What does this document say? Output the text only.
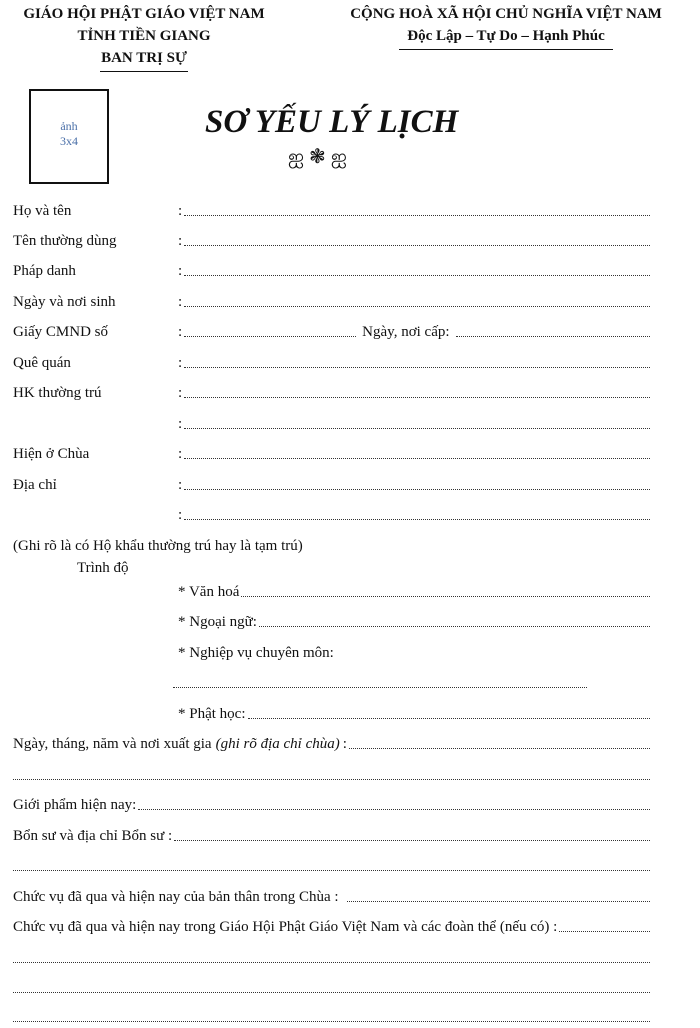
GIÁO HỘI PHẬT GIÁO VIỆT NAM
TỈNH TIỀN GIANG
BAN TRỊ SỰ
CỘNG HOÀ XÃ HỘI CHỦ NGHĨA VIỆT NAM
Độc Lập – Tự Do – Hạnh Phúc
ảnh
3x4
SƠ YẾU LÝ LỊCH
ஐ ❃ ஐ
Họ và tên	:
Tên thường dùng	:
Pháp danh	:
Ngày và nơi sinh	:
Giấy CMND số	:	Ngày, nơi cấp:
Quê quán	:
HK thường trú	:
:
Hiện ở Chùa	:
Địa chỉ	:
:
(Ghi rõ là có Hộ khẩu thường trú hay là tạm trú)
Trình độ
* Văn hoá
* Ngoại ngữ:
* Nghiệp vụ chuyên môn:
* Phật học:
Ngày, tháng, năm và nơi xuất gia (ghi rõ địa chỉ chùa) :
Giới phẩm hiện nay:
Bổn sư và địa chỉ Bổn sư :
Chức vụ đã qua và hiện nay của bản thân trong Chùa :
Chức vụ đã qua và hiện nay trong Giáo Hội Phật Giáo Việt Nam và các đoàn thể (nếu có) :
